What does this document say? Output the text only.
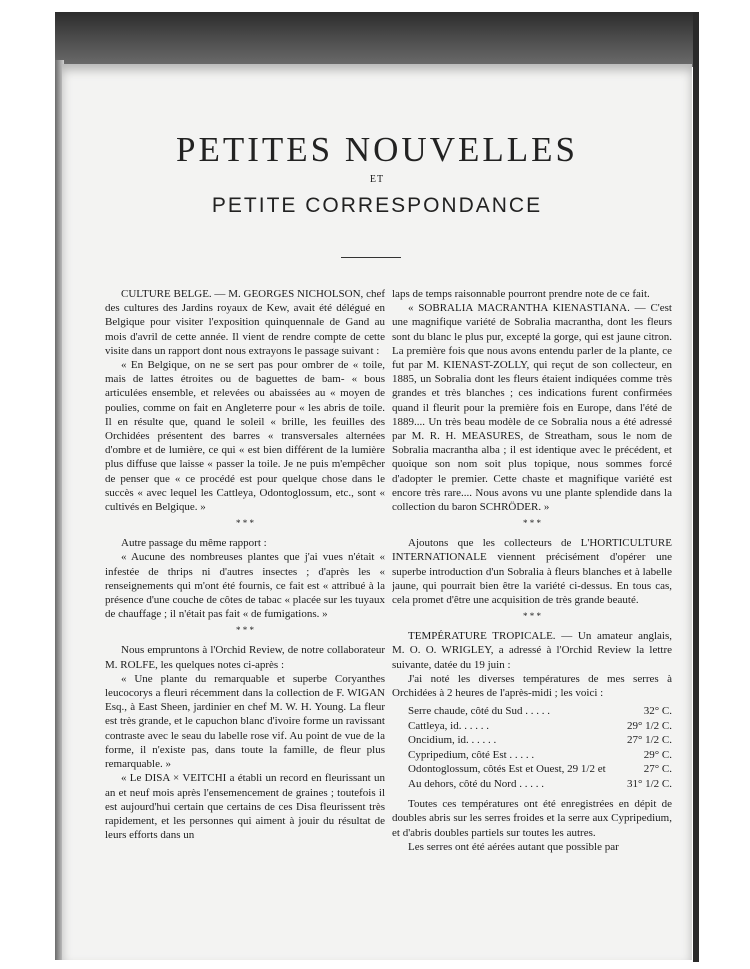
PETITES NOUVELLES
ET
PETITE CORRESPONDANCE

CULTURE BELGE. — M. GEORGES NICHOLSON, chef des cultures des Jardins royaux de Kew, avait été délégué en Belgique pour visiter l'exposition quinquennale de Gand au mois d'avril de cette année. Il vient de rendre compte de cette visite dans un rapport dont nous extrayons le passage suivant :

« En Belgique, on ne se sert pas pour ombrer de « toile, mais de lattes étroites ou de baguettes de bam- « bous articulées ensemble, et relevées ou abaissées au « moyen de poulies, comme on fait en Angleterre pour « les abris de toile. Il en résulte que, quand le soleil « brille, les feuilles des Orchidées présentent des barres « transversales alternées d'ombre et de lumière, ce qui « est bien différent de la lumière plus diffuse que laisse « passer la toile. Je ne puis m'empêcher de penser que « ce procédé est pour quelque chose dans le succès « avec lequel les Cattleya, Odontoglossum, etc., sont « cultivés en Belgique. »

* * *

Autre passage du même rapport :

« Aucune des nombreuses plantes que j'ai vues n'était « infestée de thrips ni d'autres insectes ; d'après les « renseignements qui m'ont été fournis, ce fait est « attribué à la présence d'une couche de côtes de tabac « placée sur les tuyaux de chauffage ; il n'était pas fait « de fumigations. »

* * *

Nous empruntons à l'Orchid Review, de notre collaborateur M. ROLFE, les quelques notes ci-après :

« Une plante du remarquable et superbe Coryanthes leucocorys a fleuri récemment dans la collection de F. WIGAN Esq., à East Sheen, jardinier en chef M. W. H. Young. La fleur est très grande, et le capuchon blanc d'ivoire forme un ravissant contraste avec le seau du labelle rose vif. Au point de vue de la forme, il n'existe pas, dans toute la famille, de fleur plus remarquable. »

« Le DISA × VEITCHI a établi un record en fleurissant un an et neuf mois après l'ensemencement de graines ; toutefois il est aujourd'hui certain que certains de ces Disa fleurissent très rapidement, et les personnes qui aiment à jouir du résultat de leurs efforts dans un

laps de temps raisonnable pourront prendre note de ce fait.

« SOBRALIA MACRANTHA KIENASTIANA. — C'est une magnifique variété de Sobralia macrantha, dont les fleurs sont du blanc le plus pur, excepté la gorge, qui est jaune citron. La première fois que nous avons entendu parler de la plante, ce fut par M. KIENAST-ZOLLY, qui reçut de son collecteur, en 1885, un Sobralia dont les fleurs étaient indiquées comme très grandes et très blanches ; ces indications furent confirmées quand il fleurit pour la première fois en Europe, dans l'été de 1889.... Un très beau modèle de ce Sobralia nous a été adressé par M. R. H. MEASURES, de Streatham, sous le nom de Sobralia macrantha alba ; il est identique avec le précédent, et quoique son nom soit plus topique, nous sommes forcé d'adopter le premier. Cette chaste et magnifique variété est encore très rare.... Nous avons vu une plante splendide dans la collection du baron SCHRÖDER. »

* * *

Ajoutons que les collecteurs de L'HORTICULTURE INTERNATIONALE viennent précisément d'opérer une superbe introduction d'un Sobralia à fleurs blanches et à labelle jaune, qui pourrait bien être la variété ci-dessus. En tous cas, cela promet d'être une acquisition de très grande beauté.

* * *

TEMPÉRATURE TROPICALE. — Un amateur anglais, M. O. O. WRIGLEY, a adressé à l'Orchid Review la lettre suivante, datée du 19 juin :

J'ai noté les diverses températures de mes serres à Orchidées à 2 heures de l'après-midi ; les voici :

Serre chaude, côté du Sud . . . . .	32° C.
Cattleya, id. . . . . .	29° 1/2 C.
Oncidium, id. . . . . .	27° 1/2 C.
Cypripedium, côté Est . . . . .	29° C.
Odontoglossum, côtés Est et Ouest, 29 1/2 et	27° C.
Au dehors, côté du Nord . . . . .	31° 1/2 C.

Toutes ces températures ont été enregistrées en dépit de doubles abris sur les serres froides et la serre aux Cypripedium, et d'abris doubles partiels sur toutes les autres.

Les serres ont été aérées autant que possible par
